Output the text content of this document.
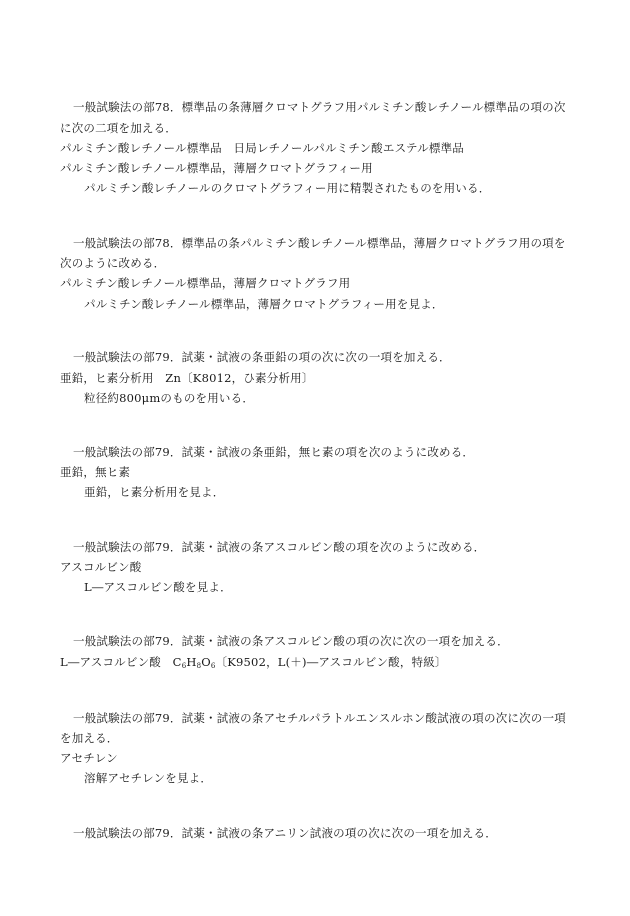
一般試験法の部78．標準品の条薄層クロマトグラフ用パルミチン酸レチノール標準品の項の次
に次の二項を加える．
パルミチン酸レチノール標準品　日局レチノールパルミチン酸エステル標準品
パルミチン酸レチノール標準品，薄層クロマトグラフィー用
パルミチン酸レチノールのクロマトグラフィー用に精製されたものを用いる．
一般試験法の部78．標準品の条パルミチン酸レチノール標準品，薄層クロマトグラフ用の項を
次のように改める．
パルミチン酸レチノール標準品，薄層クロマトグラフ用
パルミチン酸レチノール標準品，薄層クロマトグラフィー用を見よ．
一般試験法の部79．試薬・試液の条亜鉛の項の次に次の一項を加える．
亜鉛，ヒ素分析用　Zn〔K8012，ひ素分析用〕
粒径約800μmのものを用いる．
一般試験法の部79．試薬・試液の条亜鉛，無ヒ素の項を次のように改める．
亜鉛，無ヒ素
亜鉛，ヒ素分析用を見よ．
一般試験法の部79．試薬・試液の条アスコルビン酸の項を次のように改める．
アスコルビン酸
L―アスコルビン酸を見よ．
一般試験法の部79．試薬・試液の条アスコルビン酸の項の次に次の一項を加える．
L―アスコルビン酸　$C_6H_8O_6$〔K9502，L(＋)―アスコルビン酸，特級〕
一般試験法の部79．試薬・試液の条アセチルパラトルエンスルホン酸試液の項の次に次の一項
を加える．
アセチレン
溶解アセチレンを見よ．
一般試験法の部79．試薬・試液の条アニリン試液の項の次に次の一項を加える．
